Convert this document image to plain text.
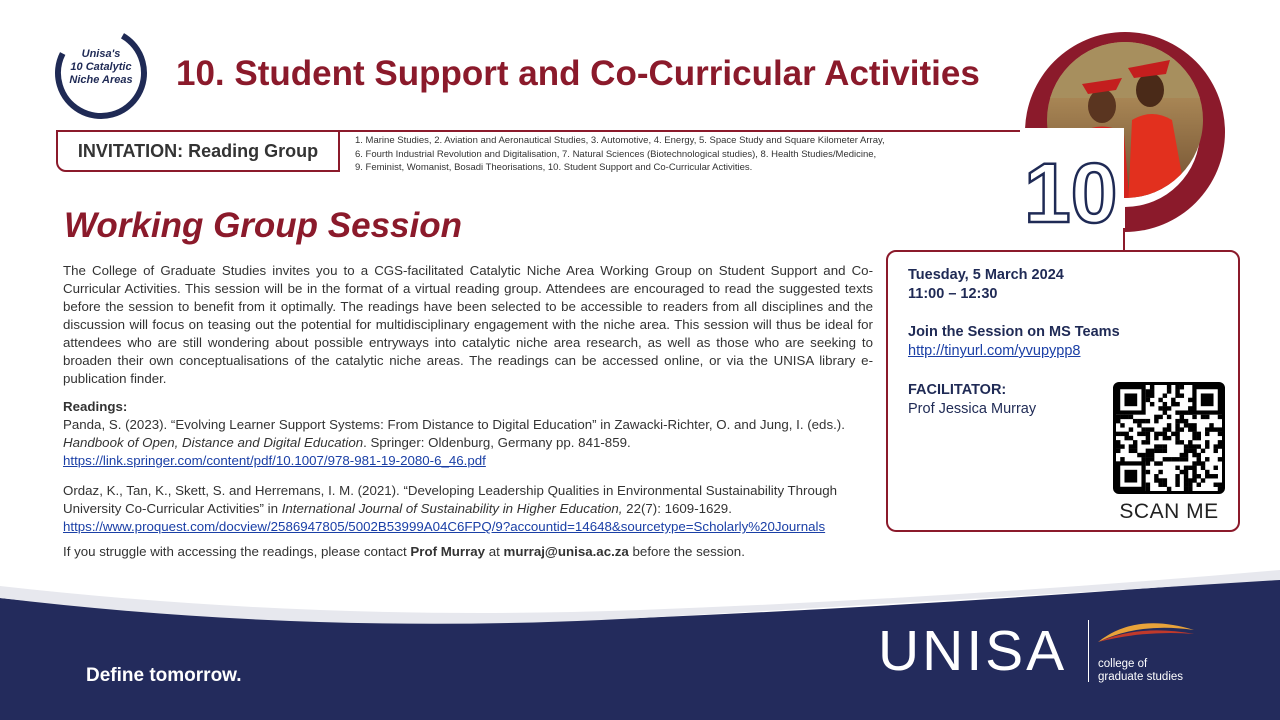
Unisa's
10 Catalytic
Niche Areas	10. Student Support and Co-Curricular Activities
INVITATION: Reading Group	1. Marine Studies, 2. Aviation and Aeronautical Studies, 3. Automotive, 4. Energy, 5. Space Study and Square Kilometer Array,
6. Fourth Industrial Revolution and Digitalisation, 7. Natural Sciences (Biotechnological studies), 8. Health Studies/Medicine,
9. Feminist, Womanist, Bosadi Theorisations, 10. Student Support and Co-Curricular Activities.	10
Working Group Session
The College of Graduate Studies invites you to a CGS-facilitated Catalytic Niche Area Working Group on Student Support and Co-Curricular Activities. This session will be in the format of a virtual reading group. Attendees are encouraged to read the suggested texts before the session to benefit from it optimally. The readings have been selected to be accessible to readers from all disciplines and the discussion will focus on teasing out the potential for multidisciplinary engagement with the niche area. This session will thus be ideal for attendees who are still wondering about possible entryways into catalytic niche area research, as well as those who are seeking to broaden their own conceptualisations of the catalytic niche areas. The readings can be accessed online, or via the UNISA library e-publication finder.
Readings:
Panda, S. (2023). “Evolving Learner Support Systems: From Distance to Digital Education” in Zawacki-Richter, O. and Jung, I. (eds.). Handbook of Open, Distance and Digital Education. Springer: Oldenburg, Germany pp. 841-859.
https://link.springer.com/content/pdf/10.1007/978-981-19-2080-6_46.pdf
Ordaz, K., Tan, K., Skett, S. and Herremans, I. M. (2021). “Developing Leadership Qualities in Environmental Sustainability Through University Co-Curricular Activities” in International Journal of Sustainability in Higher Education, 22(7): 1609-1629.
https://www.proquest.com/docview/2586947805/5002B53999A04C6FPQ/9?accountid=14648&sourcetype=Scholarly%20Journals
If you struggle with accessing the readings, please contact Prof Murray at murraj@unisa.ac.za before the session.
Tuesday, 5 March 2024
11:00 – 12:30
Join the Session on MS Teams
http://tinyurl.com/yvupypp8
FACILITATOR:
Prof Jessica Murray
SCAN ME
Define tomorrow.	UNISA	college of
graduate studies
